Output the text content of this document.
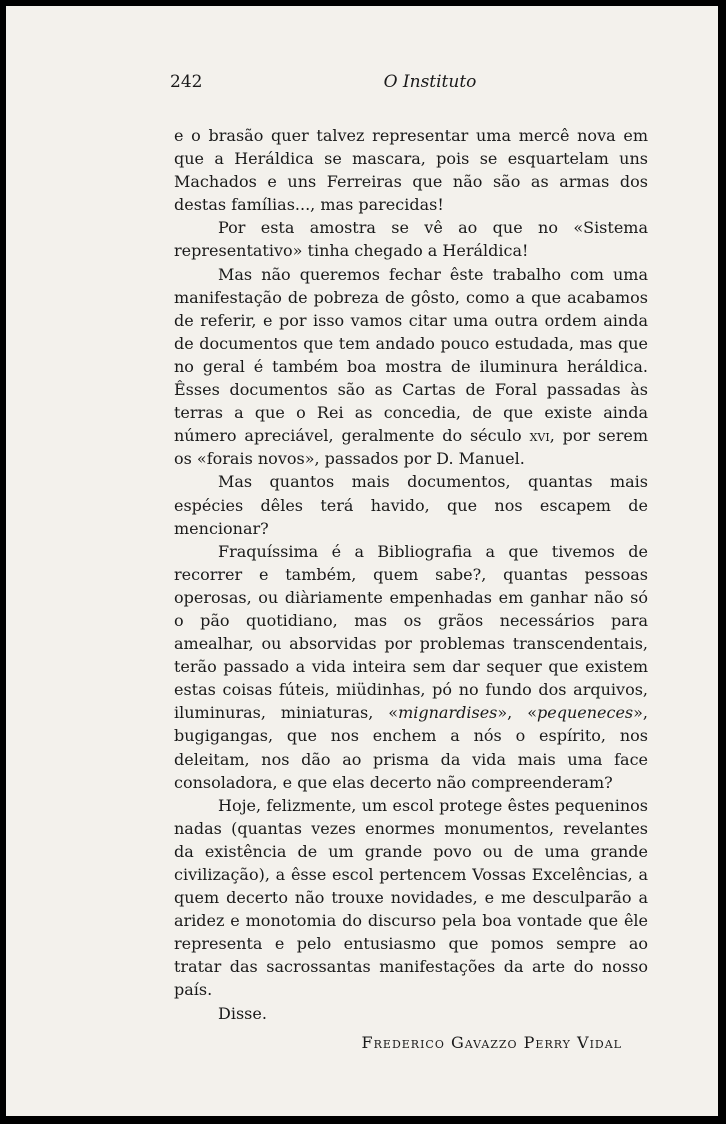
242	O Instituto

e o brasão quer talvez representar uma mercê nova em que a Heráldica se mascara, pois se esquartelam uns Machados e uns Ferreiras que não são as armas dos destas famílias..., mas parecidas!

Por esta amostra se vê ao que no «Sistema representativo» tinha chegado a Heráldica!

Mas não queremos fechar êste trabalho com uma manifestação de pobreza de gôsto, como a que acabamos de referir, e por isso vamos citar uma outra ordem ainda de documentos que tem andado pouco estudada, mas que no geral é também boa mostra de iluminura heráldica. Êsses documentos são as Cartas de Foral passadas às terras a que o Rei as concedia, de que existe ainda número apreciável, geralmente do século xvi, por serem os «forais novos», passados por D. Manuel.

Mas quantos mais documentos, quantas mais espécies dêles terá havido, que nos escapem de mencionar?

Fraquíssima é a Bibliografia a que tivemos de recorrer e também, quem sabe?, quantas pessoas operosas, ou diàriamente empenhadas em ganhar não só o pão quotidiano, mas os grãos necessários para amealhar, ou absorvidas por problemas transcendentais, terão passado a vida inteira sem dar sequer que existem estas coisas fúteis, miüdinhas, pó no fundo dos arquivos, iluminuras, miniaturas, «mignardises», «pequeneces», bugigangas, que nos enchem a nós o espírito, nos deleitam, nos dão ao prisma da vida mais uma face consoladora, e que elas decerto não compreenderam?

Hoje, felizmente, um escol protege êstes pequeninos nadas (quantas vezes enormes monumentos, revelantes da existência de um grande povo ou de uma grande civilização), a êsse escol pertencem Vossas Excelências, a quem decerto não trouxe novidades, e me desculparão a aridez e monotomia do discurso pela boa vontade que êle representa e pelo entusiasmo que pomos sempre ao tratar das sacrossantas manifestações da arte do nosso país.

Disse.

Frederico Gavazzo Perry Vidal
